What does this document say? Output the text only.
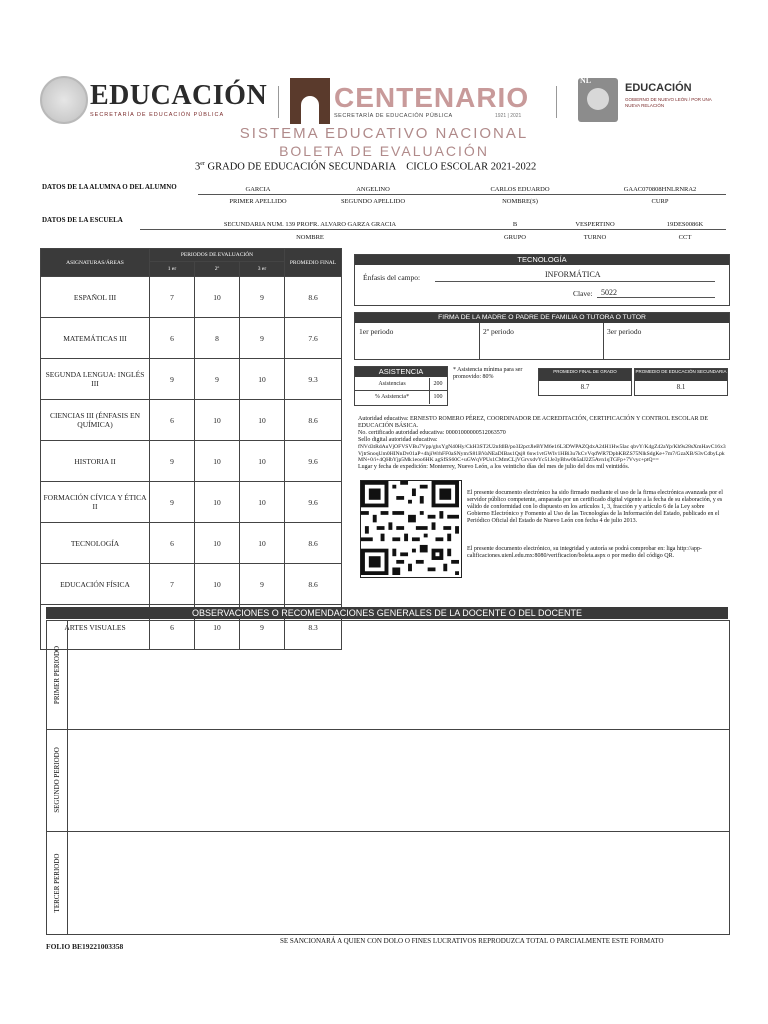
EDUCACIÓN
SECRETARÍA DE EDUCACIÓN PÚBLICA
CENTENARIO
SECRETARÍA DE EDUCACIÓN PÚBLICA	1921 | 2021
NL
EDUCACIÓN
GOBIERNO DE NUEVO LEÓN / POR UNA NUEVA RELACIÓN
SISTEMA EDUCATIVO NACIONAL
BOLETA DE EVALUACIÓN
3er GRADO DE EDUCACIÓN SECUNDARIA CICLO ESCOLAR 2021-2022
DATOS DE LA ALUMNA O DEL ALUMNO	GARCIA	ANGELINO	CARLOS EDUARDO	GAAC070808HNLRNRA2
PRIMER APELLIDO	SEGUNDO APELLIDO	NOMBRE(S)	CURP
DATOS DE LA ESCUELA
SECUNDARIA NUM. 139 PROFR. ALVARO GARZA GRACIA	B	VESPERTINO	19DES0086K
NOMBRE	GRUPO	TURNO	CCT
ASIGNATURAS/ÁREAS	PERIODOS DE EVALUACIÓN			PROMEDIO FINAL
	1 er	2º	3 er	
ESPAÑOL III	7	10	9	8.6
MATEMÁTICAS III	6	8	9	7.6
SEGUNDA LENGUA: INGLÉS III	9	9	10	9.3
CIENCIAS III (ÉNFASIS EN QUÍMICA)	6	10	10	8.6
HISTORIA II	9	10	10	9.6
FORMACIÓN CÍVICA Y ÉTICA II	9	10	10	9.6
TECNOLOGÍA	6	10	10	8.6
EDUCACIÓN FÍSICA	7	10	9	8.6
ARTES VISUALES	6	10	9	8.3
TECNOLOGÍA
Énfasis del campo:	INFORMÁTICA
Clave: 5022
FIRMA DE LA MADRE O PADRE DE FAMILIA O TUTORA O TUTOR
1er periodo	2º periodo	3er periodo
ASISTENCIA
Asistencias	200
% Asistencia*	100
* Asistencia mínima para ser promovido: 80%
PROMEDIO FINAL DE GRADO
8.7
PROMEDIO DE EDUCACIÓN SECUNDARIA
8.1
Autoridad educativa: ERNESTO ROMERO PÉREZ, COORDINADOR DE ACREDITACIÓN, CERTIFICACIÓN Y CONTROL ESCOLAR DE EDUCACIÓN BÁSICA.
No. certificado autoridad educativa: 00001000000512063570
Sello digital autoridad educativa:
fNVd3tRdAuVjOFVSVBu7Vpp/ghxYgN40Hy/CkH3ST2U2nfdlB/po3I2pctJleBYM6e16L3DWPAZQdxA24H1Hw5Iac qbvY/K4gZ42aYp/Kh9s28sXmHavC16x3VjtrSnoqUm0HINnDv01aP+4hjiWrhFF0aSNym/S81BVaNEaDIBas1Qsj8 6nw1vtGWIv1HBi3u7kCvVqdWR7DpbKBZS75NlkSdgKe+7m7/GzaXB/S3vCdbyLpkMN+0/i+4QHbYjp5Mk1eoo6HK agSfSS60C+uGWqVPUs1CMmCLjVGrvxdvYc51Je3yBhw0b5aIJ2Z5Avn1qTGFp+7Vvyc+ptQ==
Lugar y fecha de expedición: Monterrey, Nuevo León, a los veinticho días del mes de julio del dos mil veintidós.
El presente documento electrónico ha sido firmado mediante el uso de la firma electrónica avanzada por el servidor público competente, amparada por un certificado digital vigente a la fecha de su elaboración, y es válido de conformidad con lo dispuesto en los artículos 1, 3, fracción y y artículo 6 de la Ley sobre Gobierno Electrónico y Fomento al Uso de las Tecnologías de la Información del Estado, publicado en el Periódico Oficial del Estado de Nuevo León con fecha 4 de julio 2013.
El presente documento electrónico, su integridad y autoría se podrá comprobar en: liga http://app-calificaciones.uienl.edu.mx:8080/verificacion/boleta.aspx o por medio del código QR.
OBSERVACIONES O RECOMENDACIONES GENERALES DE LA DOCENTE O DEL DOCENTE
PRIMER PERIODO
SEGUNDO PERIODO
TERCER PERIODO
FOLIO BE19221003358
SE SANCIONARÁ A QUIEN CON DOLO O FINES LUCRATIVOS REPRODUZCA TOTAL O PARCIALMENTE ESTE FORMATO
